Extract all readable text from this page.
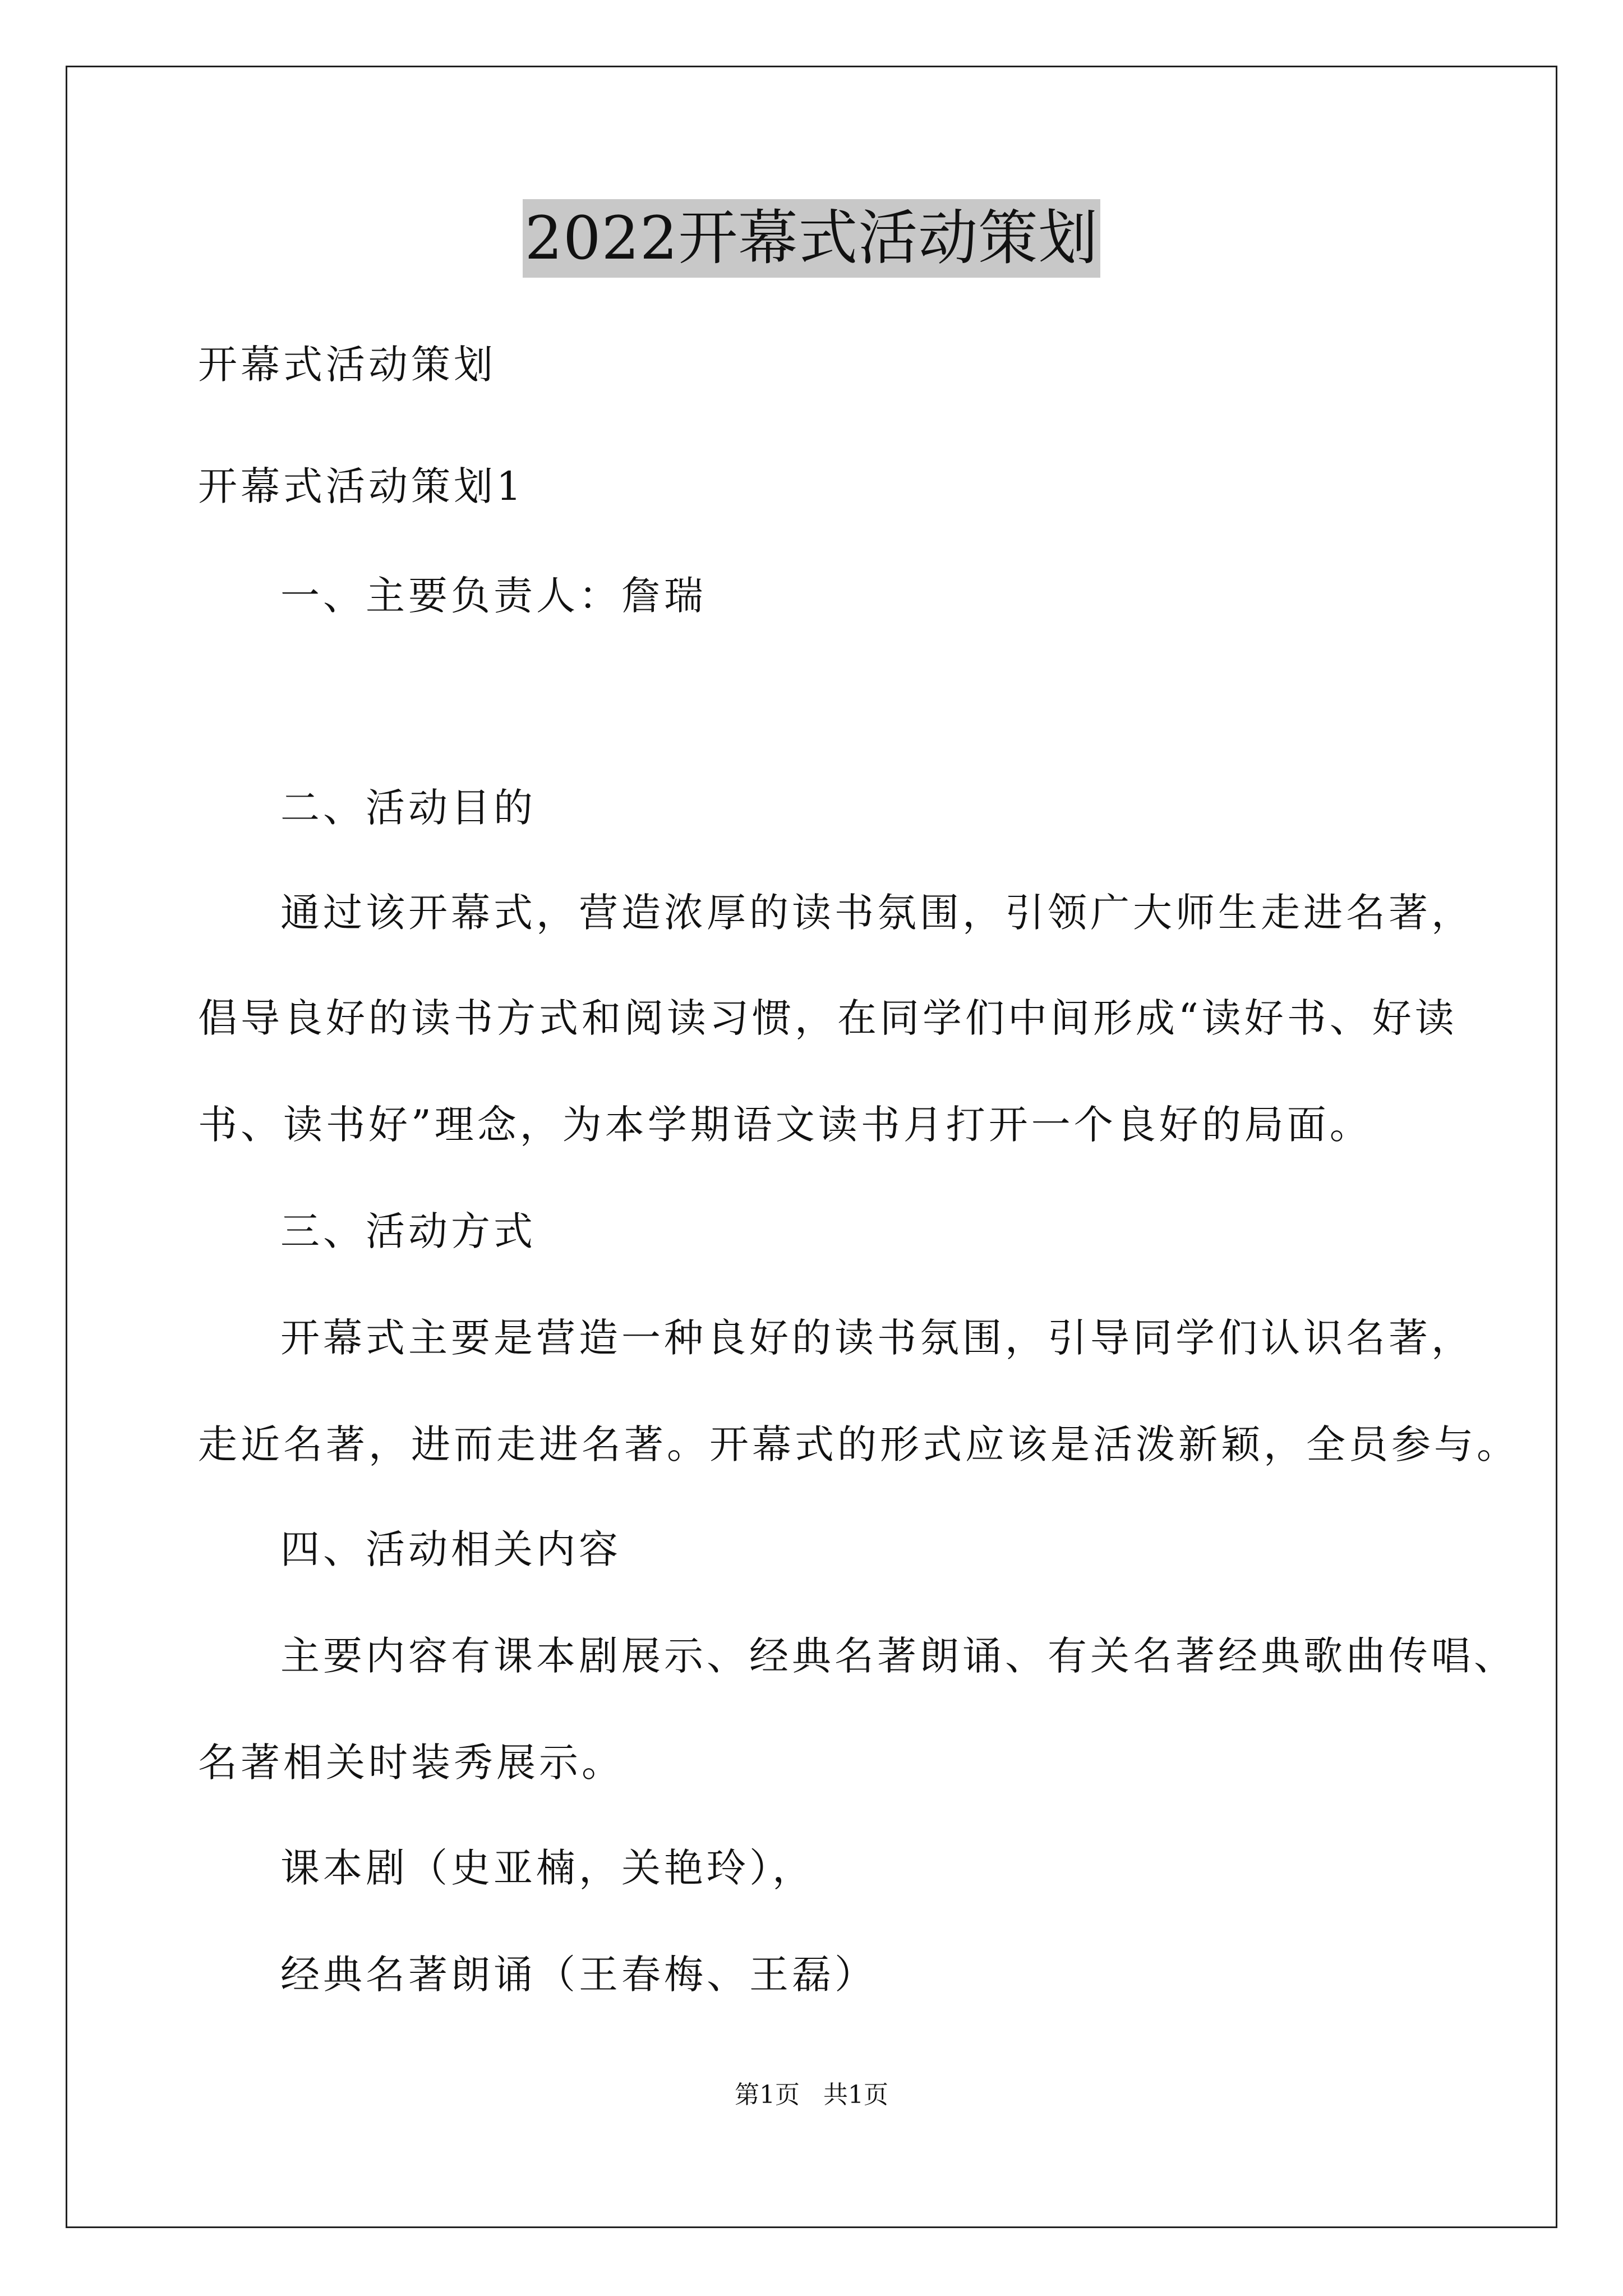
2022开幕式活动策划
开幕式活动策划
开幕式活动策划1
一、主要负责人：詹瑞
二、活动目的
通过该开幕式，营造浓厚的读书氛围，引领广大师生走进名著，
倡导良好的读书方式和阅读习惯，在同学们中间形成“读好书、好读
书、读书好”理念，为本学期语文读书月打开一个良好的局面。
三、活动方式
开幕式主要是营造一种良好的读书氛围，引导同学们认识名著，
走近名著，进而走进名著。开幕式的形式应该是活泼新颖，全员参与。
四、活动相关内容
主要内容有课本剧展示、经典名著朗诵、有关名著经典歌曲传唱、
名著相关时装秀展示。
课本剧（史亚楠，关艳玲），
经典名著朗诵（王春梅、王磊）
第1页   共1页
